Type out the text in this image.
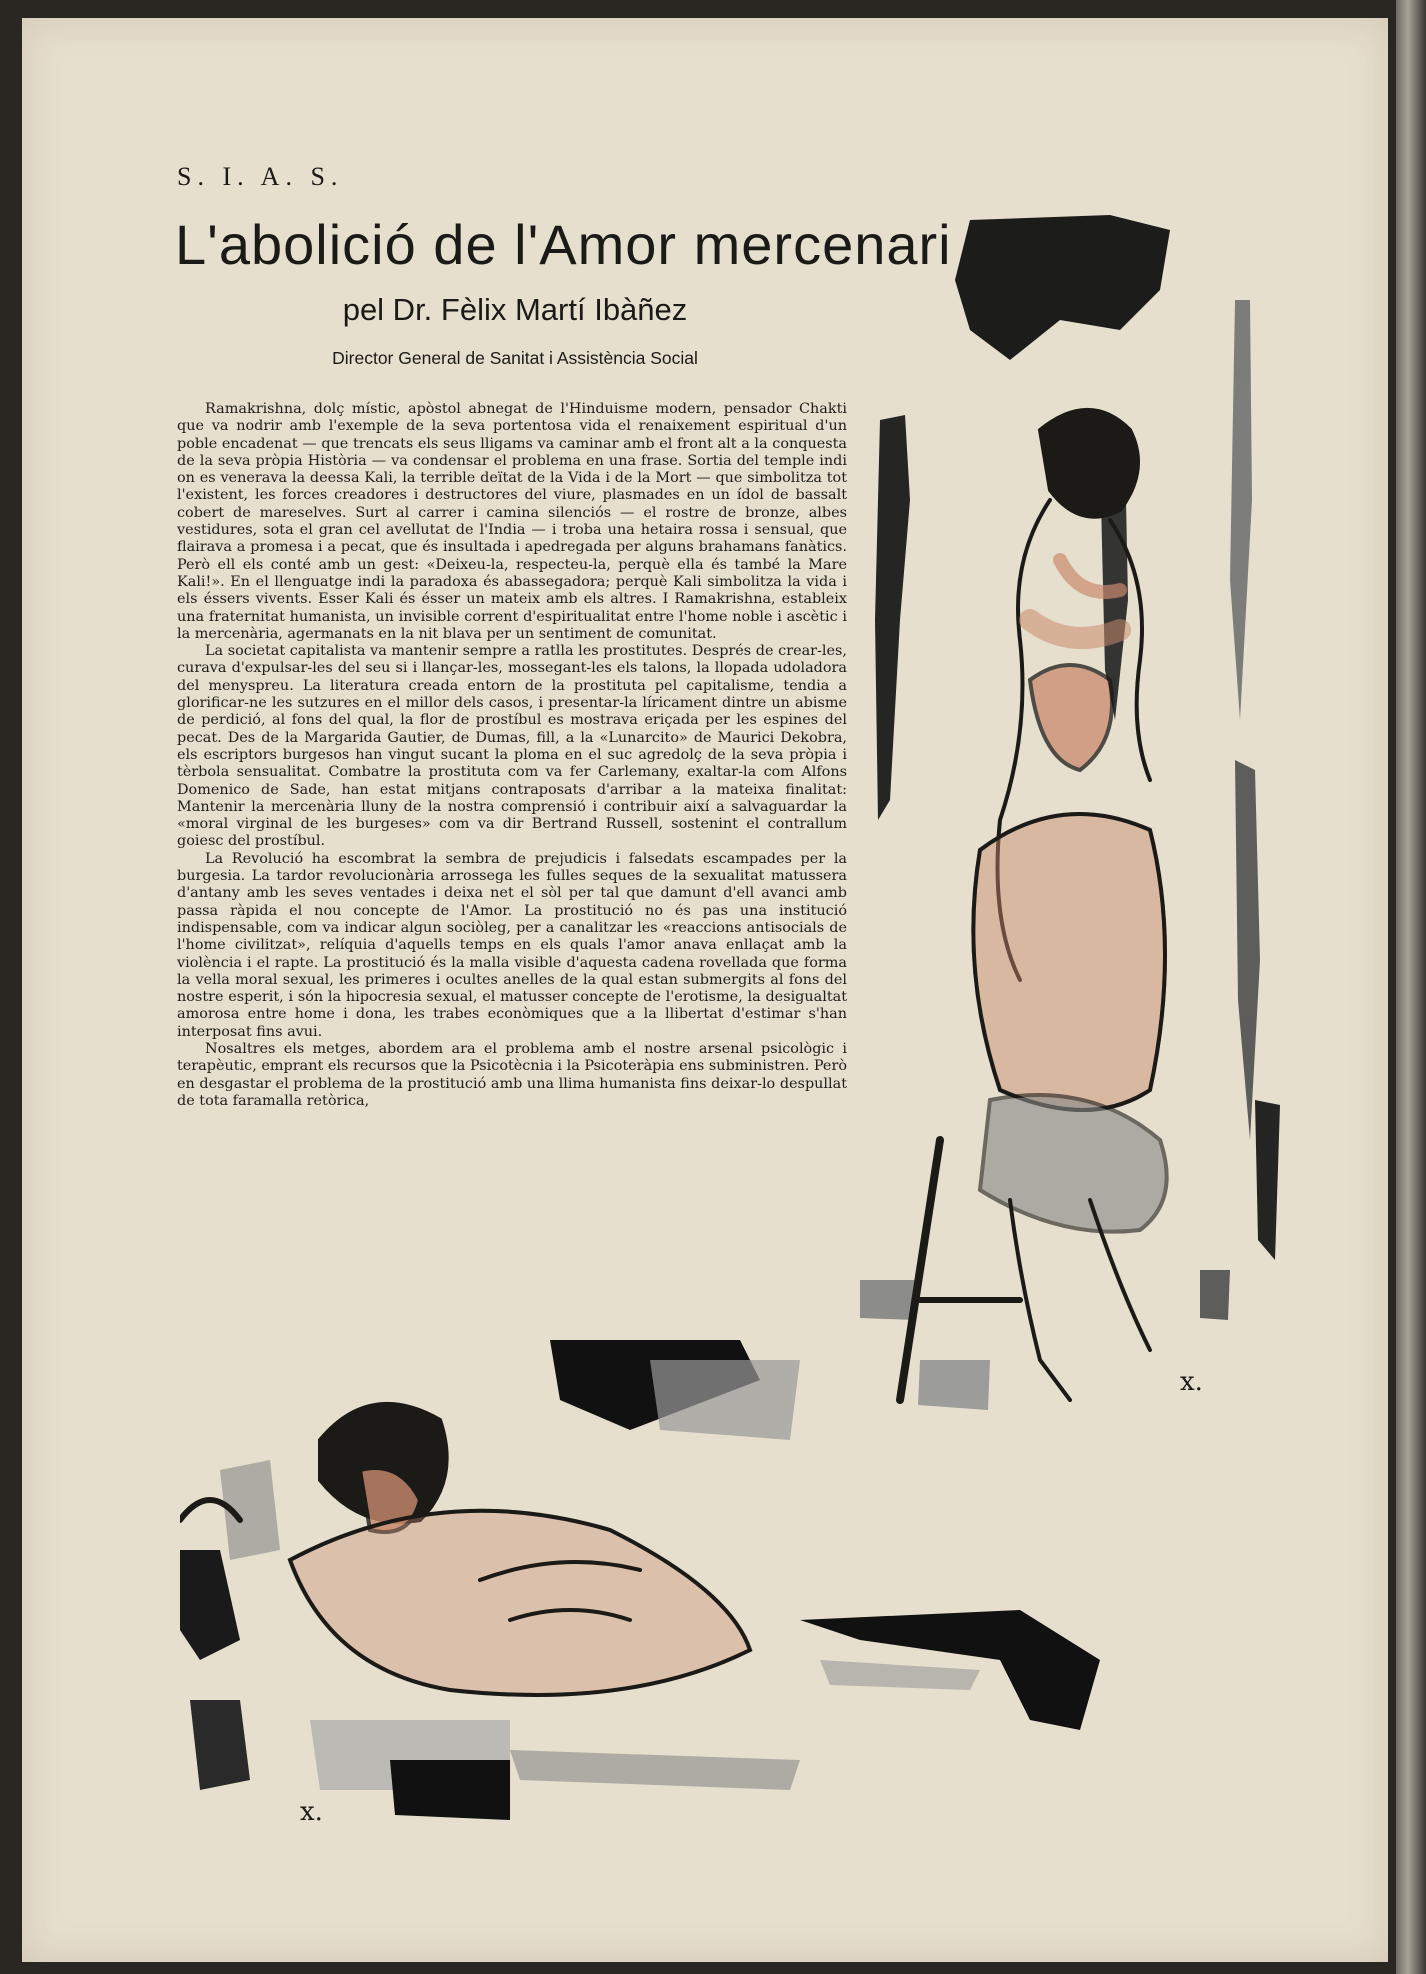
S. I. A. S.
L'abolició de l'Amor mercenari
pel Dr. Fèlix Martí Ibàñez
Director General de Sanitat i Assistència Social

Ramakrishna, dolç místic, apòstol abnegat de l'Hinduisme modern, pensador Chakti que va nodrir amb l'exemple de la seva portentosa vida el renaixement espiritual d'un poble encadenat — que trencats els seus lligams va caminar amb el front alt a la conquesta de la seva pròpia Història — va condensar el problema en una frase. Sortia del temple indi on es venerava la deessa Kali, la terrible deïtat de la Vida i de la Mort — que simbolitza tot l'existent, les forces creadores i destructores del viure, plasmades en un ídol de bassalt cobert de mareselves. Surt al carrer i camina silenciós — el rostre de bronze, albes vestidures, sota el gran cel avellutat de l'India — i troba una hetaira rossa i sensual, que flairava a promesa i a pecat, que és insultada i apedregada per alguns brahamans fanàtics. Però ell els conté amb un gest: «Deixeu-la, respecteu-la, perquè ella és també la Mare Kali!». En el llenguatge indi la paradoxa és abassegadora; perquè Kali simbolitza la vida i els éssers vivents. Esser Kali és ésser un mateix amb els altres. I Ramakrishna, estableix una fraternitat humanista, un invisible corrent d'espiritualitat entre l'home noble i ascètic i la mercenària, agermanats en la nit blava per un sentiment de comunitat.

La societat capitalista va mantenir sempre a ratlla les prostitutes. Després de crear-les, curava d'expulsar-les del seu si i llançar-les, mossegant-les els talons, la llopada udoladora del menyspreu. La literatura creada entorn de la prostituta pel capitalisme, tendia a glorificar-ne les sutzures en el millor dels casos, i presentar-la líricament dintre un abisme de perdició, al fons del qual, la flor de prostíbul es mostrava eriçada per les espines del pecat. Des de la Margarida Gautier, de Dumas, fill, a la «Lunarcito» de Maurici Dekobra, els escriptors burgesos han vingut sucant la ploma en el suc agredolç de la seva pròpia i tèrbola sensualitat. Combatre la prostituta com va fer Carlemany, exaltar-la com Alfons Domenico de Sade, han estat mitjans contraposats d'arribar a la mateixa finalitat: Mantenir la mercenària lluny de la nostra comprensió i contribuir així a salvaguardar la «moral virginal de les burgeses» com va dir Bertrand Russell, sostenint el contrallum goiesc del prostíbul.

La Revolució ha escombrat la sembra de prejudicis i falsedats escampades per la burgesia. La tardor revolucionària arrossega les fulles seques de la sexualitat matussera d'antany amb les seves ventades i deixa net el sòl per tal que damunt d'ell avanci amb passa ràpida el nou concepte de l'Amor. La prostitució no és pas una institució indispensable, com va indicar algun sociòleg, per a canalitzar les «reaccions antisocials de l'home civilitzat», relíquia d'aquells temps en els quals l'amor anava enllaçat amb la violència i el rapte. La prostitució és la malla visible d'aquesta cadena rovellada que forma la vella moral sexual, les primeres i ocultes anelles de la qual estan submergits al fons del nostre esperit, i són la hipocresia sexual, el matusser concepte de l'erotisme, la desigualtat amorosa entre home i dona, les trabes econòmiques que a la llibertat d'estimar s'han interposat fins avui.

Nosaltres els metges, abordem ara el problema amb el nostre arsenal psicològic i terapèutic, emprant els recursos que la Psicotècnia i la Psicoteràpia ens subministren. Però en desgastar el problema de la prostitució amb una llima humanista fins deixar-lo despullat de tota faramalla retòrica,

x.
x.
